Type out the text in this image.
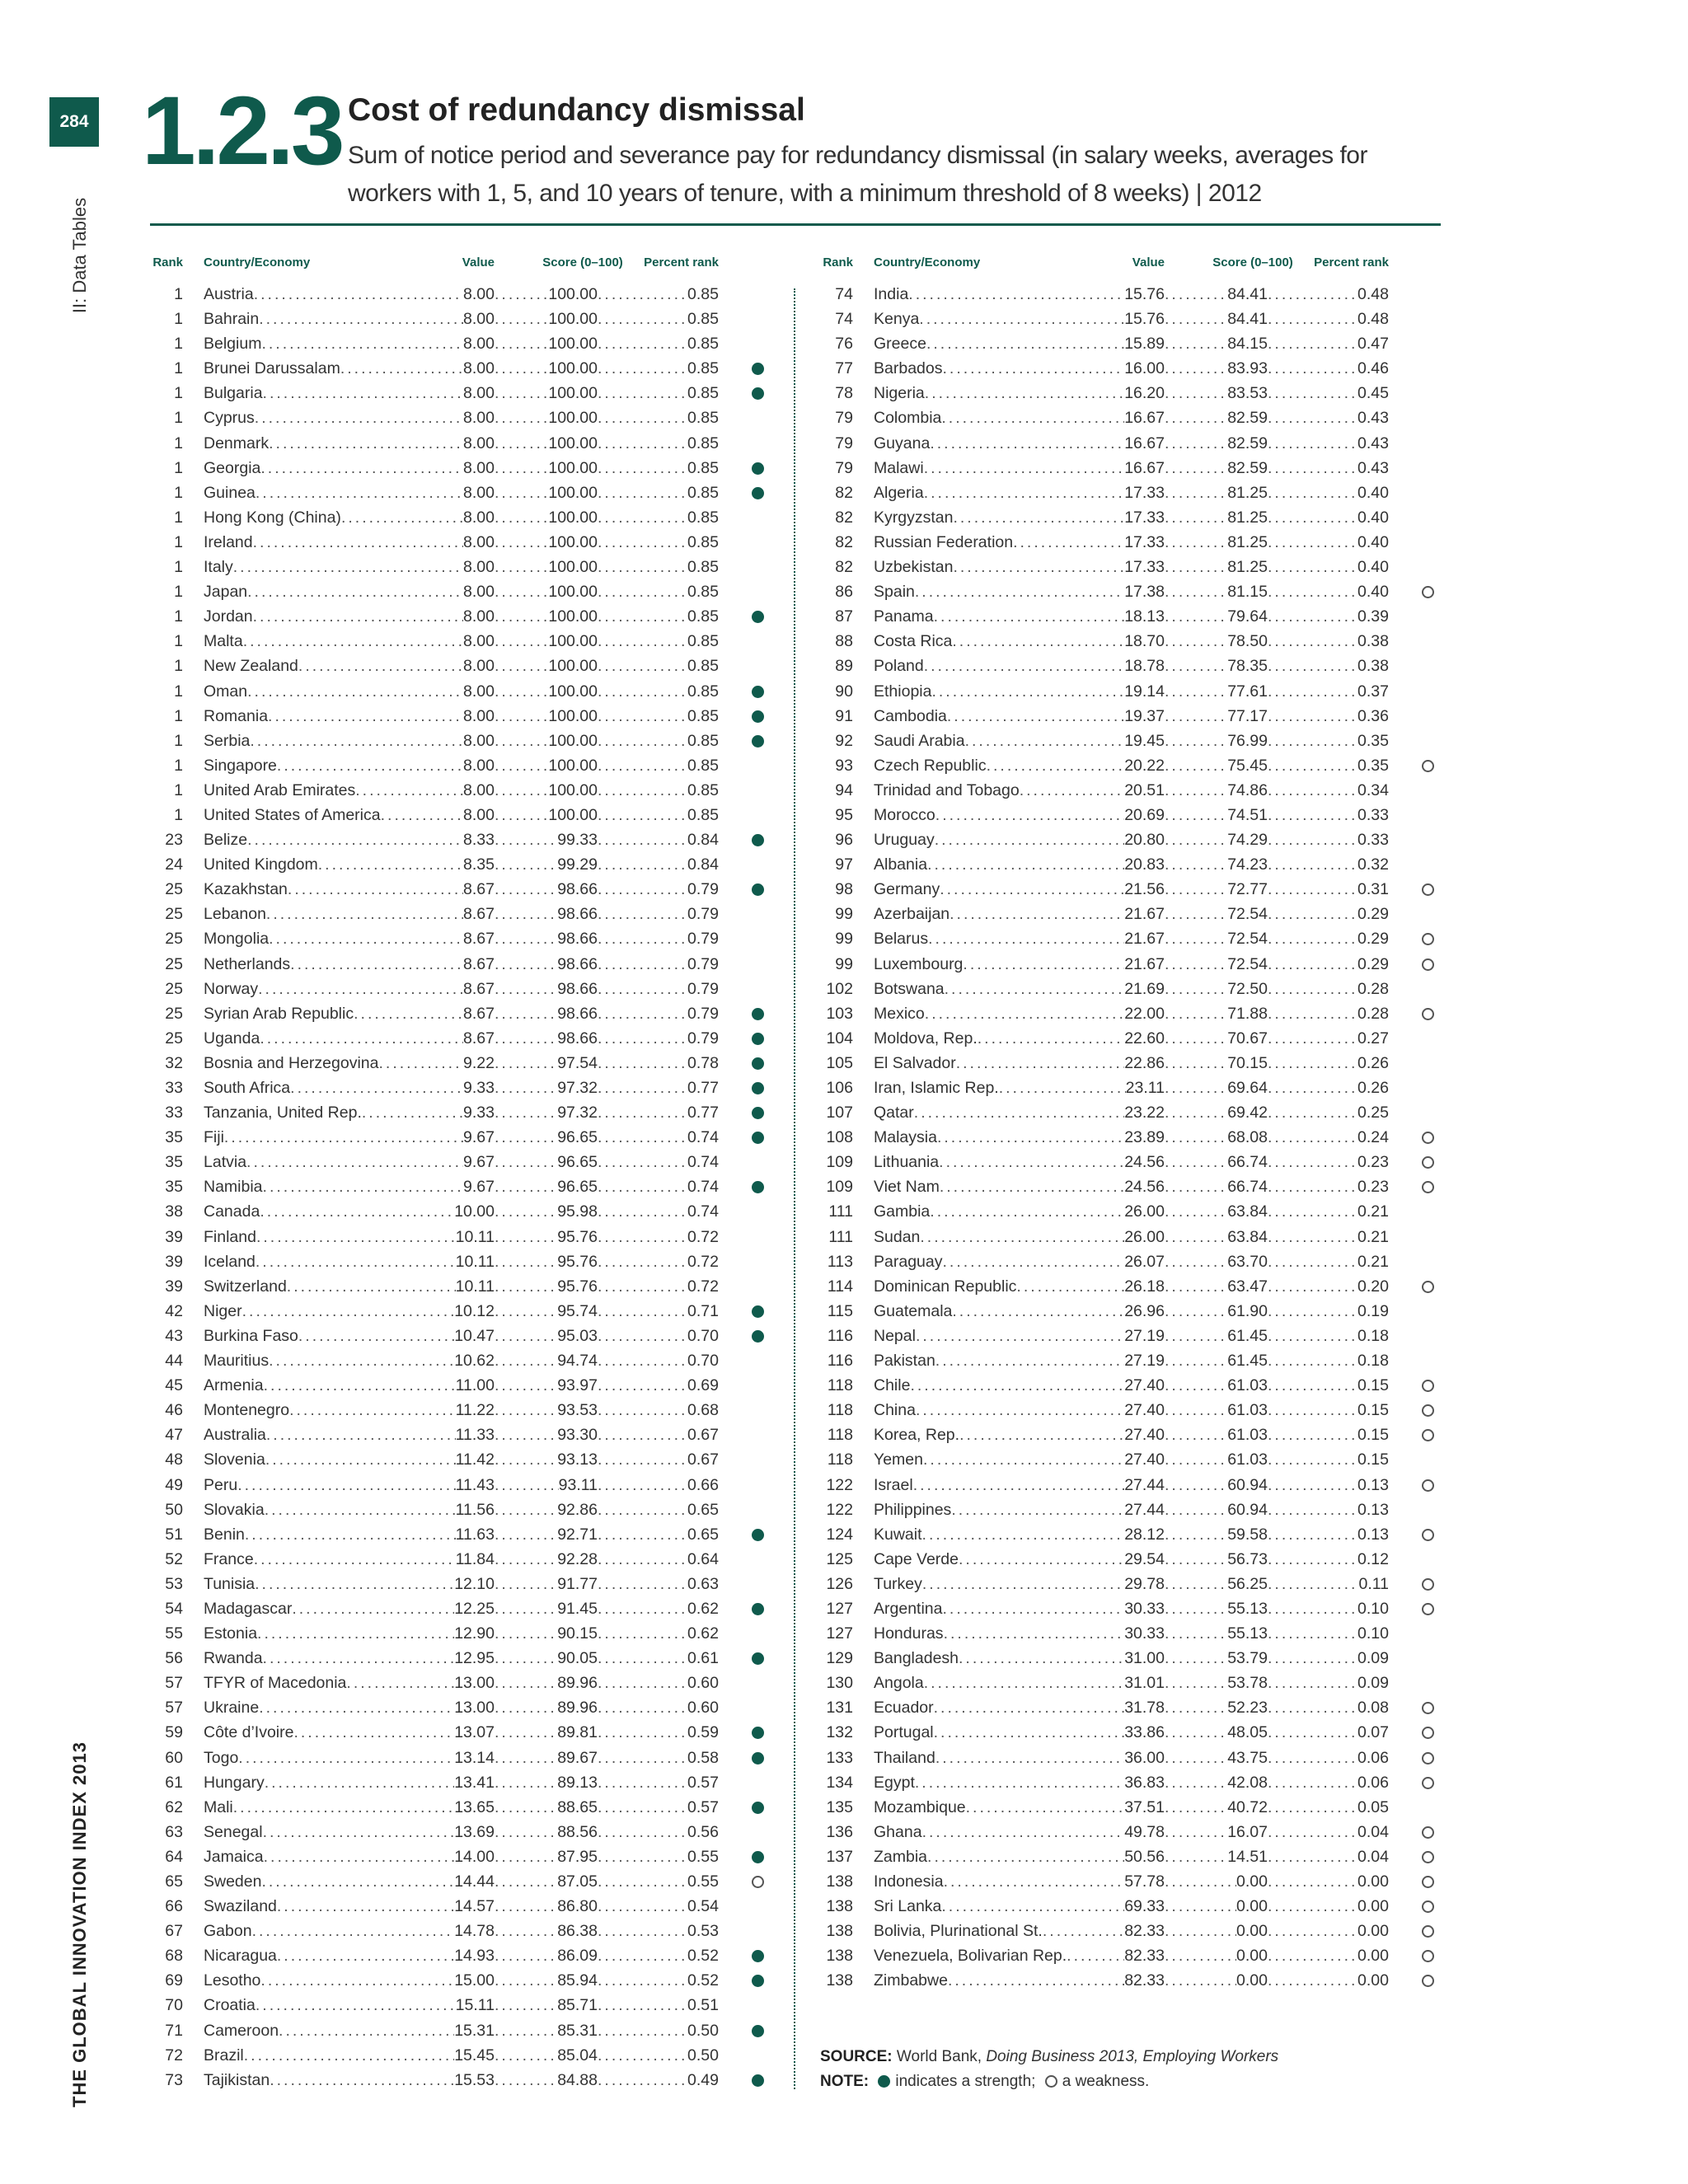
284
II: Data Tables
THE GLOBAL INNOVATION INDEX 2013
1.2.3 Cost of redundancy dismissal
Sum of notice period and severance pay for redundancy dismissal (in salary weeks, averages for workers with 1, 5, and 10 years of tenure, with a minimum threshold of 8 weeks) | 2012
Rank Country/Economy	Value	Score (0–100)	Percent rank
1 Austria .....	8.00 .....	100.00 .....	0.85
1 Bahrain .....	8.00 .....	100.00 .....	0.85
1 Belgium .....	8.00 .....	100.00 .....	0.85
1 Brunei Darussalam .....	8.00 .....	100.00 .....	0.85
1 Bulgaria .....	8.00 .....	100.00 .....	0.85
1 Cyprus .....	8.00 .....	100.00 .....	0.85
1 Denmark .....	8.00 .....	100.00 .....	0.85
1 Georgia .....	8.00 .....	100.00 .....	0.85
1 Guinea .....	8.00 .....	100.00 .....	0.85
1 Hong Kong (China) .....	8.00 .....	100.00 .....	0.85
1 Ireland .....	8.00 .....	100.00 .....	0.85
1 Italy .....	8.00 .....	100.00 .....	0.85
1 Japan .....	8.00 .....	100.00 .....	0.85
1 Jordan .....	8.00 .....	100.00 .....	0.85
1 Malta .....	8.00 .....	100.00 .....	0.85
1 New Zealand .....	8.00 .....	100.00 .....	0.85
1 Oman .....	8.00 .....	100.00 .....	0.85
1 Romania .....	8.00 .....	100.00 .....	0.85
1 Serbia .....	8.00 .....	100.00 .....	0.85
1 Singapore .....	8.00 .....	100.00 .....	0.85
1 United Arab Emirates .....	8.00 .....	100.00 .....	0.85
1 United States of America .....	8.00 .....	100.00 .....	0.85
23 Belize .....	8.33 .....	99.33 .....	0.84
24 United Kingdom .....	8.35 .....	99.29 .....	0.84
25 Kazakhstan .....	8.67 .....	98.66 .....	0.79
25 Lebanon .....	8.67 .....	98.66 .....	0.79
25 Mongolia .....	8.67 .....	98.66 .....	0.79
25 Netherlands .....	8.67 .....	98.66 .....	0.79
25 Norway .....	8.67 .....	98.66 .....	0.79
25 Syrian Arab Republic .....	8.67 .....	98.66 .....	0.79
25 Uganda .....	8.67 .....	98.66 .....	0.79
32 Bosnia and Herzegovina .....	9.22 .....	97.54 .....	0.78
33 South Africa .....	9.33 .....	97.32 .....	0.77
33 Tanzania, United Rep. .....	9.33 .....	97.32 .....	0.77
35 Fiji .....	9.67 .....	96.65 .....	0.74
35 Latvia .....	9.67 .....	96.65 .....	0.74
35 Namibia .....	9.67 .....	96.65 .....	0.74
38 Canada .....	10.00 .....	95.98 .....	0.74
39 Finland .....	10.11 .....	95.76 .....	0.72
39 Iceland .....	10.11 .....	95.76 .....	0.72
39 Switzerland .....	10.11 .....	95.76 .....	0.72
42 Niger .....	10.12 .....	95.74 .....	0.71
43 Burkina Faso .....	10.47 .....	95.03 .....	0.70
44 Mauritius .....	10.62 .....	94.74 .....	0.70
45 Armenia .....	11.00 .....	93.97 .....	0.69
46 Montenegro .....	11.22 .....	93.53 .....	0.68
47 Australia .....	11.33 .....	93.30 .....	0.67
48 Slovenia .....	11.42 .....	93.13 .....	0.67
49 Peru .....	11.43 .....	93.11 .....	0.66
50 Slovakia .....	11.56 .....	92.86 .....	0.65
51 Benin .....	11.63 .....	92.71 .....	0.65
52 France .....	11.84 .....	92.28 .....	0.64
53 Tunisia .....	12.10 .....	91.77 .....	0.63
54 Madagascar .....	12.25 .....	91.45 .....	0.62
55 Estonia .....	12.90 .....	90.15 .....	0.62
56 Rwanda .....	12.95 .....	90.05 .....	0.61
57 TFYR of Macedonia .....	13.00 .....	89.96 .....	0.60
57 Ukraine .....	13.00 .....	89.96 .....	0.60
59 Côte d’Ivoire .....	13.07 .....	89.81 .....	0.59
60 Togo .....	13.14 .....	89.67 .....	0.58
61 Hungary .....	13.41 .....	89.13 .....	0.57
62 Mali .....	13.65 .....	88.65 .....	0.57
63 Senegal .....	13.69 .....	88.56 .....	0.56
64 Jamaica .....	14.00 .....	87.95 .....	0.55
65 Sweden .....	14.44 .....	87.05 .....	0.55
66 Swaziland .....	14.57 .....	86.80 .....	0.54
67 Gabon .....	14.78 .....	86.38 .....	0.53
68 Nicaragua .....	14.93 .....	86.09 .....	0.52
69 Lesotho .....	15.00 .....	85.94 .....	0.52
70 Croatia .....	15.11 .....	85.71 .....	0.51
71 Cameroon .....	15.31 .....	85.31 .....	0.50
72 Brazil .....	15.45 .....	85.04 .....	0.50
73 Tajikistan .....	15.53 .....	84.88 .....	0.49
Rank Country/Economy	Value	Score (0–100)	Percent rank
74 India .....	15.76 .....	84.41 .....	0.48
74 Kenya .....	15.76 .....	84.41 .....	0.48
76 Greece .....	15.89 .....	84.15 .....	0.47
77 Barbados .....	16.00 .....	83.93 .....	0.46
78 Nigeria .....	16.20 .....	83.53 .....	0.45
79 Colombia .....	16.67 .....	82.59 .....	0.43
79 Guyana .....	16.67 .....	82.59 .....	0.43
79 Malawi .....	16.67 .....	82.59 .....	0.43
82 Algeria .....	17.33 .....	81.25 .....	0.40
82 Kyrgyzstan .....	17.33 .....	81.25 .....	0.40
82 Russian Federation .....	17.33 .....	81.25 .....	0.40
82 Uzbekistan .....	17.33 .....	81.25 .....	0.40
86 Spain .....	17.38 .....	81.15 .....	0.40
87 Panama .....	18.13 .....	79.64 .....	0.39
88 Costa Rica .....	18.70 .....	78.50 .....	0.38
89 Poland .....	18.78 .....	78.35 .....	0.38
90 Ethiopia .....	19.14 .....	77.61 .....	0.37
91 Cambodia .....	19.37 .....	77.17 .....	0.36
92 Saudi Arabia .....	19.45 .....	76.99 .....	0.35
93 Czech Republic .....	20.22 .....	75.45 .....	0.35
94 Trinidad and Tobago .....	20.51 .....	74.86 .....	0.34
95 Morocco .....	20.69 .....	74.51 .....	0.33
96 Uruguay .....	20.80 .....	74.29 .....	0.33
97 Albania .....	20.83 .....	74.23 .....	0.32
98 Germany .....	21.56 .....	72.77 .....	0.31
99 Azerbaijan .....	21.67 .....	72.54 .....	0.29
99 Belarus .....	21.67 .....	72.54 .....	0.29
99 Luxembourg .....	21.67 .....	72.54 .....	0.29
102 Botswana .....	21.69 .....	72.50 .....	0.28
103 Mexico .....	22.00 .....	71.88 .....	0.28
104 Moldova, Rep. .....	22.60 .....	70.67 .....	0.27
105 El Salvador .....	22.86 .....	70.15 .....	0.26
106 Iran, Islamic Rep. .....	23.11 .....	69.64 .....	0.26
107 Qatar .....	23.22 .....	69.42 .....	0.25
108 Malaysia .....	23.89 .....	68.08 .....	0.24
109 Lithuania .....	24.56 .....	66.74 .....	0.23
109 Viet Nam .....	24.56 .....	66.74 .....	0.23
111 Gambia .....	26.00 .....	63.84 .....	0.21
111 Sudan .....	26.00 .....	63.84 .....	0.21
113 Paraguay .....	26.07 .....	63.70 .....	0.21
114 Dominican Republic .....	26.18 .....	63.47 .....	0.20
115 Guatemala .....	26.96 .....	61.90 .....	0.19
116 Nepal .....	27.19 .....	61.45 .....	0.18
116 Pakistan .....	27.19 .....	61.45 .....	0.18
118 Chile .....	27.40 .....	61.03 .....	0.15
118 China .....	27.40 .....	61.03 .....	0.15
118 Korea, Rep. .....	27.40 .....	61.03 .....	0.15
118 Yemen .....	27.40 .....	61.03 .....	0.15
122 Israel .....	27.44 .....	60.94 .....	0.13
122 Philippines .....	27.44 .....	60.94 .....	0.13
124 Kuwait .....	28.12 .....	59.58 .....	0.13
125 Cape Verde .....	29.54 .....	56.73 .....	0.12
126 Turkey .....	29.78 .....	56.25 .....	0.11
127 Argentina .....	30.33 .....	55.13 .....	0.10
127 Honduras .....	30.33 .....	55.13 .....	0.10
129 Bangladesh .....	31.00 .....	53.79 .....	0.09
130 Angola .....	31.01 .....	53.78 .....	0.09
131 Ecuador .....	31.78 .....	52.23 .....	0.08
132 Portugal .....	33.86 .....	48.05 .....	0.07
133 Thailand .....	36.00 .....	43.75 .....	0.06
134 Egypt .....	36.83 .....	42.08 .....	0.06
135 Mozambique .....	37.51 .....	40.72 .....	0.05
136 Ghana .....	49.78 .....	16.07 .....	0.04
137 Zambia .....	50.56 .....	14.51 .....	0.04
138 Indonesia .....	57.78 .....	0.00 .....	0.00
138 Sri Lanka .....	69.33 .....	0.00 .....	0.00
138 Bolivia, Plurinational St. .....	82.33 .....	0.00 .....	0.00
138 Venezuela, Bolivarian Rep. .....	82.33 .....	0.00 .....	0.00
138 Zimbabwe .....	82.33 .....	0.00 .....	0.00
SOURCE: World Bank, Doing Business 2013, Employing Workers
NOTE: indicates a strength; a weakness.
